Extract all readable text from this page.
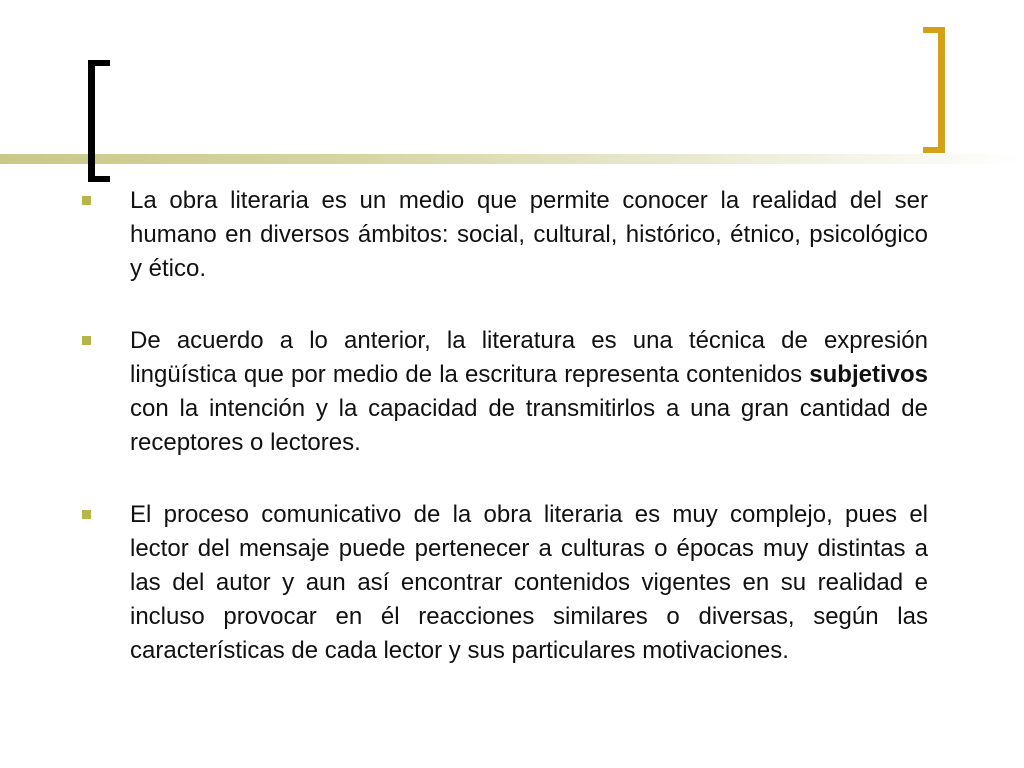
La obra literaria es un medio que permite conocer la realidad del ser humano en diversos ámbitos: social, cultural, histórico, étnico, psicológico y ético.
De acuerdo a lo anterior, la literatura es una técnica de expresión lingüística que por medio de la escritura representa contenidos subjetivos con la intención y la capacidad de transmitirlos a una gran cantidad de receptores o lectores.
El proceso comunicativo de la obra literaria es muy complejo, pues el lector del mensaje puede pertenecer a culturas o épocas muy distintas a las del autor y aun así encontrar contenidos vigentes en su realidad e incluso provocar en él reacciones similares o diversas, según las características de cada lector y sus particulares motivaciones.
